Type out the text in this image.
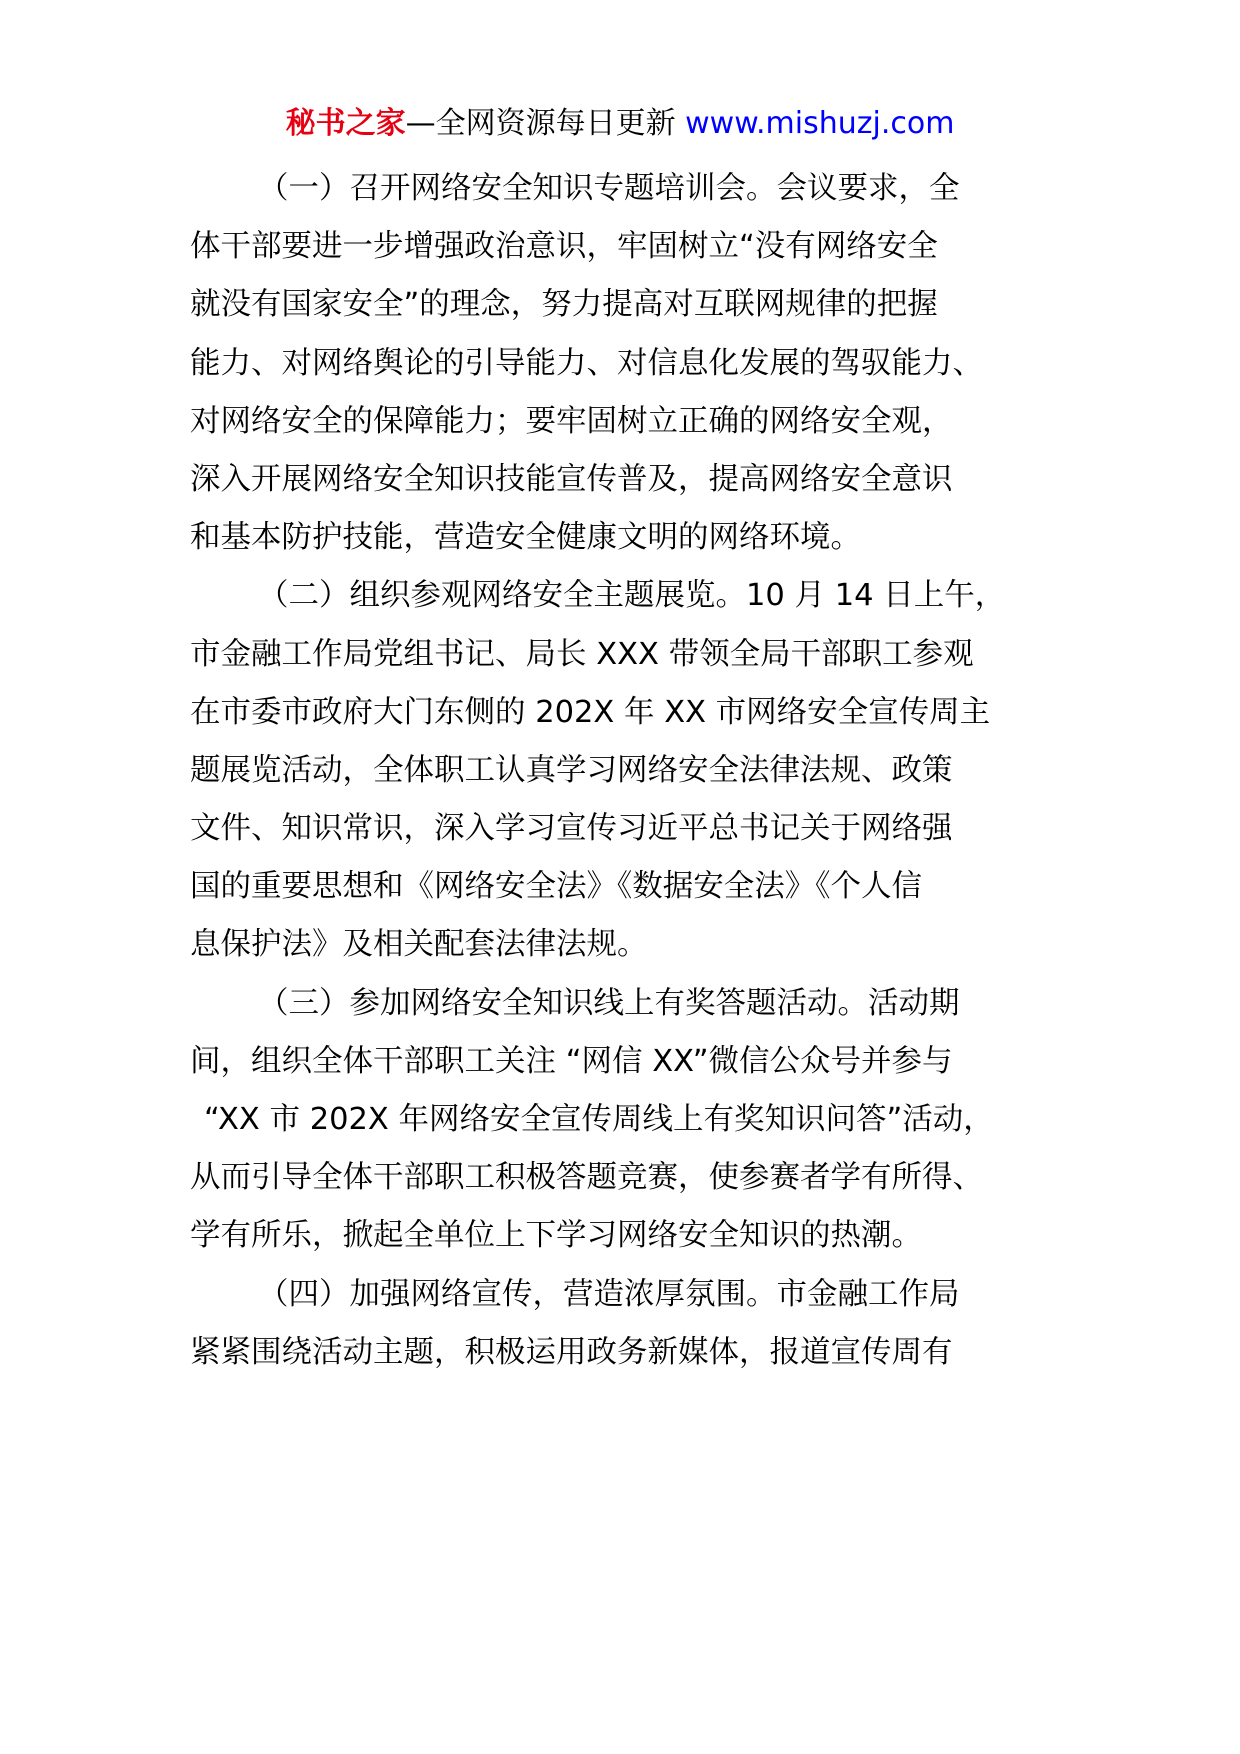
秘书之家—全网资源每日更新 www.mishuzj.com
（一）召开网络安全知识专题培训会。会议要求，全
体干部要进一步增强政治意识，牢固树立“没有网络安全
就没有国家安全”的理念，努力提高对互联网规律的把握
能力、对网络舆论的引导能力、对信息化发展的驾驭能力、
对网络安全的保障能力；要牢固树立正确的网络安全观，
深入开展网络安全知识技能宣传普及，提高网络安全意识
和基本防护技能，营造安全健康文明的网络环境。
（二）组织参观网络安全主题展览。10 月 14 日上午，
市金融工作局党组书记、局长 XXX 带领全局干部职工参观
在市委市政府大门东侧的 202X 年 XX 市网络安全宣传周主
题展览活动，全体职工认真学习网络安全法律法规、政策
文件、知识常识，深入学习宣传习近平总书记关于网络强
国的重要思想和《网络安全法》《数据安全法》《个人信
息保护法》及相关配套法律法规。
（三）参加网络安全知识线上有奖答题活动。活动期
间，组织全体干部职工关注 “网信 XX”微信公众号并参与
“XX 市 202X 年网络安全宣传周线上有奖知识问答”活动，
从而引导全体干部职工积极答题竞赛，使参赛者学有所得、
学有所乐，掀起全单位上下学习网络安全知识的热潮。
（四）加强网络宣传，营造浓厚氛围。市金融工作局
紧紧围绕活动主题，积极运用政务新媒体，报道宣传周有
